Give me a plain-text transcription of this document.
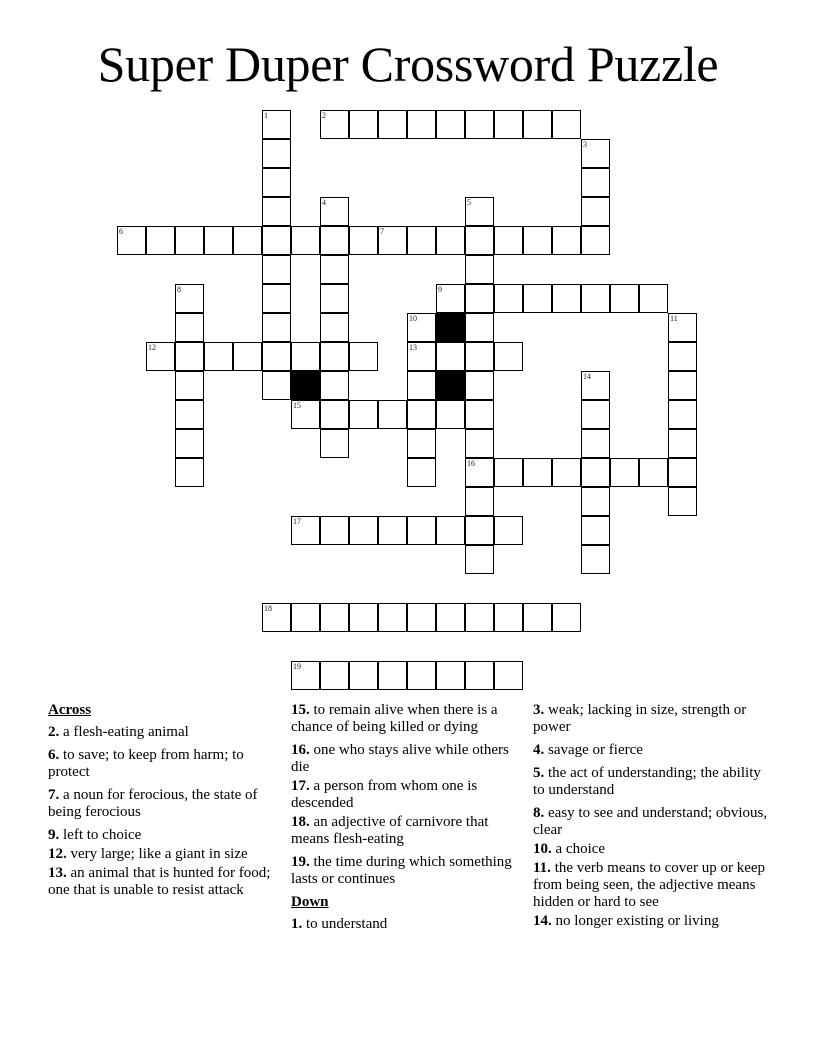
Super Duper Crossword Puzzle
1	2
3
4	5
16
6	7
8	9
10
13
11
12
14
15
17
18
19
Across
2. a flesh-eating animal
6. to save; to keep from harm; to protect
7. a noun for ferocious, the state of being ferocious
9. left to choice
12. very large; like a giant in size
13. an animal that is hunted for food; one that is unable to resist attack
15. to remain alive when there is a chance of being killed or dying
16. one who stays alive while others die
17. a person from whom one is descended
18. an adjective of carnivore that means flesh-eating
19. the time during which something lasts or continues
Down
1. to understand
3. weak; lacking in size, strength or power
4. savage or fierce
5. the act of understanding; the ability to understand
8. easy to see and understand; obvious, clear
10. a choice
11. the verb means to cover up or keep from being seen, the adjective means hidden or hard to see
14. no longer existing or living
